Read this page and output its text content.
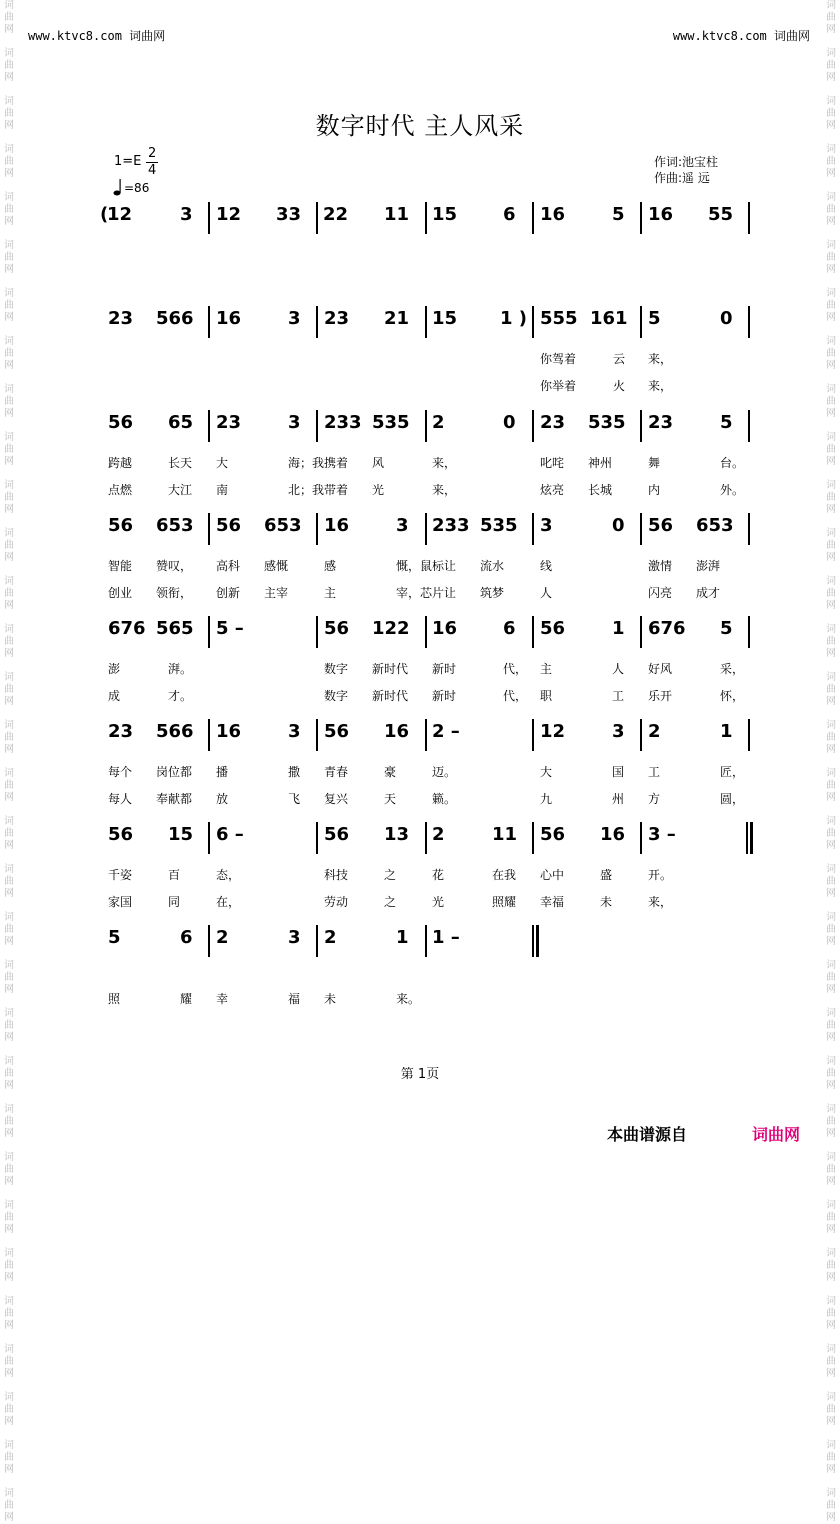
词
曲
网

词
曲
网

词
曲
网

词
曲
网

词
曲
网

词
曲
网

词
曲
网

词
曲
网

词
曲
网

词
曲
网

词
曲
网

词
曲
网

词
曲
网

词
曲
网

词
曲
网

词
曲
网

词
曲
网

词
曲
网

词
曲
网

词
曲
网

词
曲
网

词
曲
网

词
曲
网

词
曲
网

词
曲
网

词
曲
网

词
曲
网

词
曲
网

词
曲
网

词
曲
网

词
曲
网

词
曲
网

词
曲
网

词
曲
网

词
曲
网

词
曲
网

词
曲
网

词
曲
网

词
曲
网

词
曲
网

词
曲
网

词
曲
网

词
曲
网

词
曲
网

词
曲
网

词
曲
网

词
曲
网

词
曲
网

词
曲
网

词
曲
网

词
曲
网

词
曲
网

词
曲
网

词
曲
网

词
曲
网

词
曲
网

词
曲
网

词
曲
网

词
曲
网

词
曲
网

词
曲
网

词
曲
网

词
曲
网

词
曲
网

www.ktvc8.com 词曲网	www.ktvc8.com 词曲网
数字时代 主人风采
1=E
2
4
=86
作词:池宝柱
作曲:遥 远
(
12	3 12 33 22 11 15	6 16	5 16 55
23 566 16	3 23 21 15 1 ) 555 161 5	0
你驾着	云 来，
你举着	火 来，
56 65 23	3 233 535 2	0 23 535 23	5
跨越	长天 大	海；我携着 风	来，	叱咤 神州	舞	台。
点燃	大江 南	北；我带着 光	来，	炫亮 长城	内	外。
56 653 56 653 16	3 233 535 3	0 56 653
智能 赞叹， 高科 感慨	感	慨，鼠标让 流水	线	激情 澎湃
创业 领衔， 创新 主宰	主	宰，芯片让 筑梦	人	闪亮 成才
676 565 5 –	56 122 16	6 56	1 676 5
澎	湃。	数字 新时代 新时	代， 主	人 好风	采，
成	才。	数字 新时代 新时	代， 职	工 乐开	怀，
23 566 16	3 56 16 2 –	12	3 2	1
每个 岗位都 播	撒 青春	豪	迈。	大	国 工	匠，
每人 奉献都 放	飞 复兴	天	籁。	九	州 方	圆，
56 15 6 –	56 13 2	11 56 16 3 –
千姿	百	态，	科技	之	花	在我 心中	盛	开。
家国	同	在，	劳动	之	光	照耀 幸福	未	来，
5	6 2	3 2	1 1 –
照	耀 幸	福 未	来。
第 1页
本曲谱源自	词曲网
